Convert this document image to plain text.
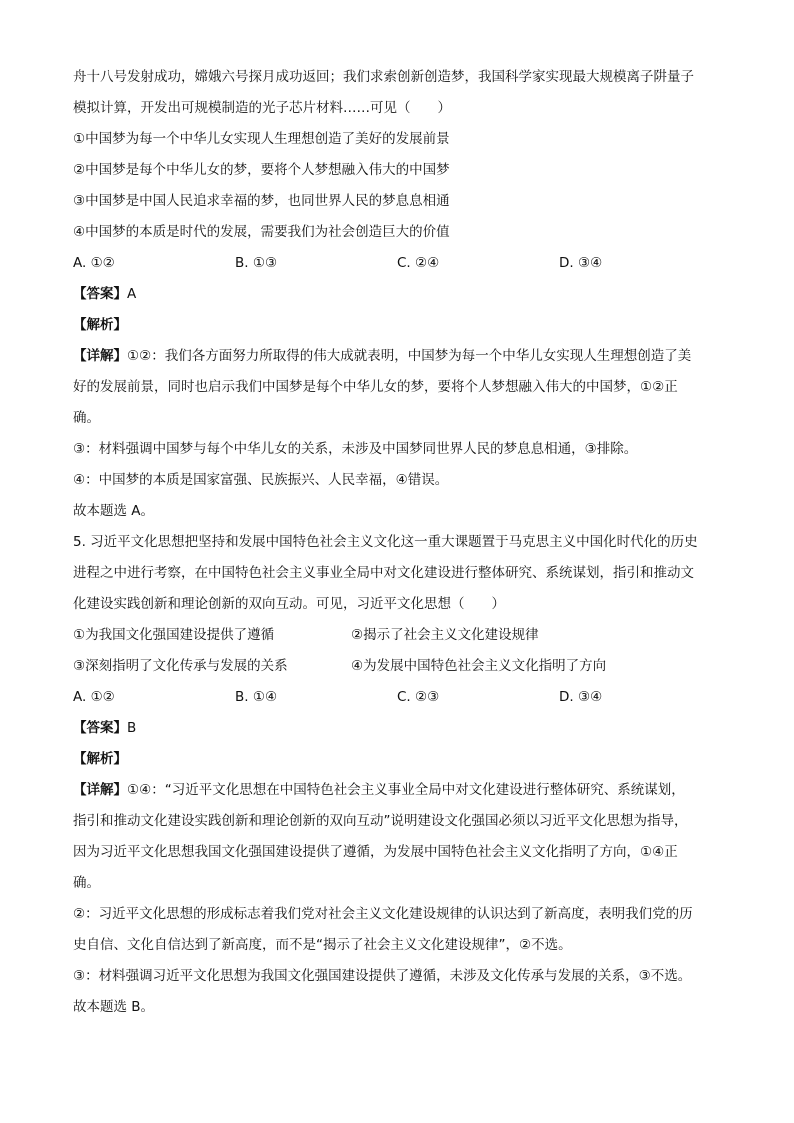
舟十八号发射成功，嫦娥六号探月成功返回；我们求索创新创造梦，我国科学家实现最大规模离子阱量子
模拟计算，开发出可规模制造的光子芯片材料……可见（　　）
①中国梦为每一个中华儿女实现人生理想创造了美好的发展前景
②中国梦是每个中华儿女的梦，要将个人梦想融入伟大的中国梦
③中国梦是中国人民追求幸福的梦，也同世界人民的梦息息相通
④中国梦的本质是时代的发展，需要我们为社会创造巨大的价值
A. ①②	B. ①③	C. ②④	D. ③④
【答案】A
【解析】
【详解】①②：我们各方面努力所取得的伟大成就表明，中国梦为每一个中华儿女实现人生理想创造了美
好的发展前景，同时也启示我们中国梦是每个中华儿女的梦，要将个人梦想融入伟大的中国梦，①②正
确。
③：材料强调中国梦与每个中华儿女的关系，未涉及中国梦同世界人民的梦息息相通，③排除。
④：中国梦的本质是国家富强、民族振兴、人民幸福，④错误。
故本题选 A。
5. 习近平文化思想把坚持和发展中国特色社会主义文化这一重大课题置于马克思主义中国化时代化的历史
进程之中进行考察，在中国特色社会主义事业全局中对文化建设进行整体研究、系统谋划，指引和推动文
化建设实践创新和理论创新的双向互动。可见，习近平文化思想（　　）
①为我国文化强国建设提供了遵循	②揭示了社会主义文化建设规律
③深刻指明了文化传承与发展的关系	④为发展中国特色社会主义文化指明了方向
A. ①②	B. ①④	C. ②③	D. ③④
【答案】B
【解析】
【详解】①④：“习近平文化思想在中国特色社会主义事业全局中对文化建设进行整体研究、系统谋划，
指引和推动文化建设实践创新和理论创新的双向互动”说明建设文化强国必须以习近平文化思想为指导，
因为习近平文化思想我国文化强国建设提供了遵循，为发展中国特色社会主义文化指明了方向，①④正
确。
②：习近平文化思想的形成标志着我们党对社会主义文化建设规律的认识达到了新高度，表明我们党的历
史自信、文化自信达到了新高度，而不是“揭示了社会主义文化建设规律”，②不选。
③：材料强调习近平文化思想为我国文化强国建设提供了遵循，未涉及文化传承与发展的关系，③不选。
故本题选 B。
